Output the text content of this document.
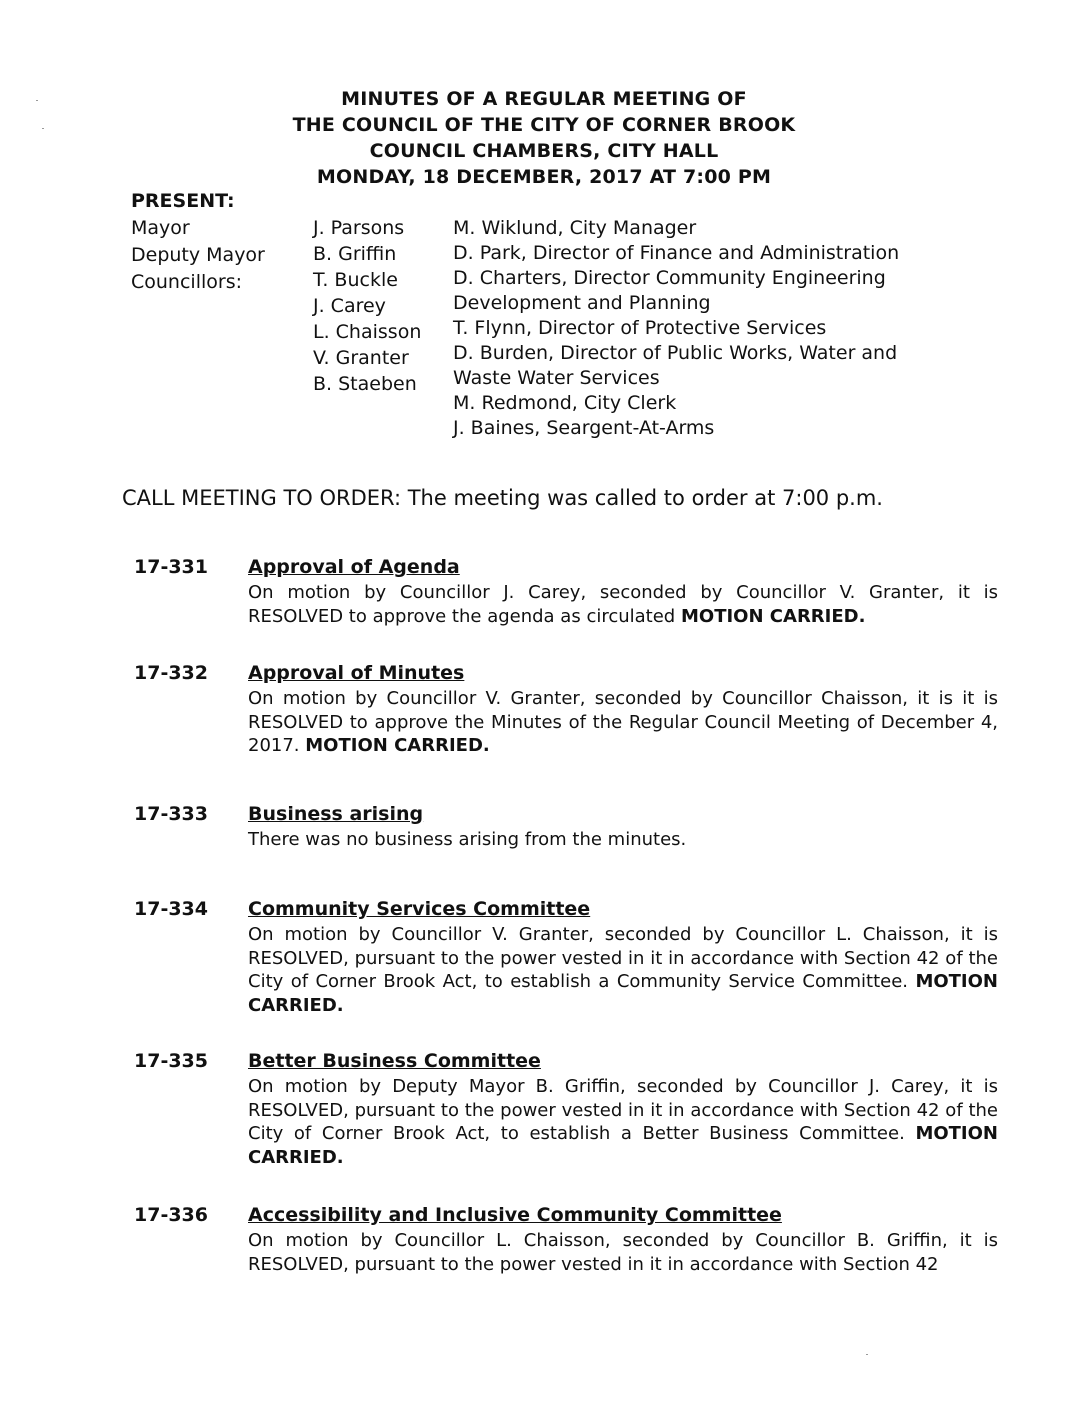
MINUTES OF A REGULAR MEETING OF
THE COUNCIL OF THE CITY OF CORNER BROOK
COUNCIL CHAMBERS, CITY HALL
MONDAY, 18 DECEMBER, 2017 AT 7:00 PM
PRESENT:
Mayor
Deputy Mayor
Councillors:
J. Parsons
B. Griffin
T. Buckle
J. Carey
L. Chaisson
V. Granter
B. Staeben
M. Wiklund, City Manager
D. Park, Director of Finance and Administration
D. Charters, Director Community Engineering
Development and Planning
T. Flynn, Director of Protective Services
D. Burden, Director of Public Works, Water and
Waste Water Services
M. Redmond, City Clerk
J. Baines, Seargent-At-Arms
CALL MEETING TO ORDER: The meeting was called to order at 7:00 p.m.
17-331 Approval of Agenda
On motion by Councillor J. Carey, seconded by Councillor V. Granter, it is RESOLVED to approve the agenda as circulated MOTION CARRIED.
17-332 Approval of Minutes
On motion by Councillor V. Granter, seconded by Councillor Chaisson, it is it is RESOLVED to approve the Minutes of the Regular Council Meeting of December 4, 2017. MOTION CARRIED.
17-333 Business arising
There was no business arising from the minutes.
17-334 Community Services Committee
On motion by Councillor V. Granter, seconded by Councillor L. Chaisson, it is RESOLVED, pursuant to the power vested in it in accordance with Section 42 of the City of Corner Brook Act, to establish a Community Service Committee. MOTION CARRIED.
17-335 Better Business Committee
On motion by Deputy Mayor B. Griffin, seconded by Councillor J. Carey, it is RESOLVED, pursuant to the power vested in it in accordance with Section 42 of the City of Corner Brook Act, to establish a Better Business Committee. MOTION CARRIED.
17-336 Accessibility and Inclusive Community Committee
On motion by Councillor L. Chaisson, seconded by Councillor B. Griffin, it is RESOLVED, pursuant to the power vested in it in accordance with Section 42
